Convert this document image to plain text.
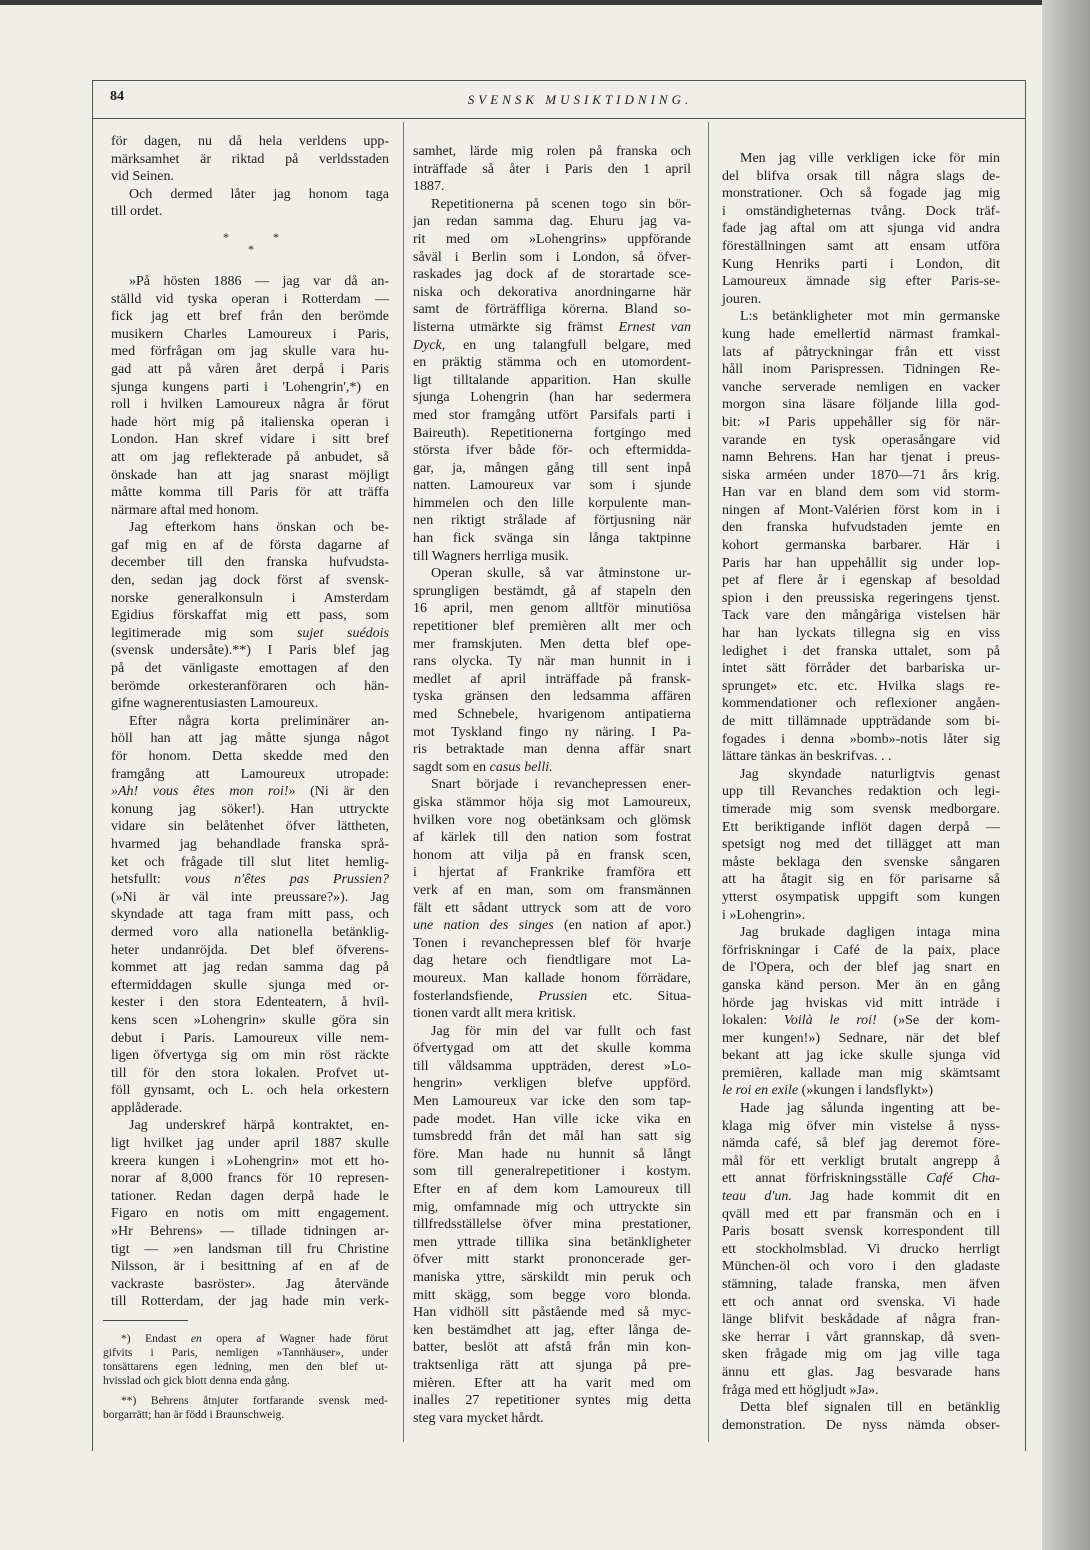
84	SVENSK MUSIKTIDNING.
för dagen, nu då hela verldens upp-
märksamhet är riktad på verldsstaden
vid Seinen.
Och dermed låter jag honom taga
till ordet.
*	*
*
»På hösten 1886 — jag var då an-
ställd vid tyska operan i Rotterdam —
fick jag ett bref från den berömde
musikern Charles Lamoureux i Paris,
med förfrågan om jag skulle vara hu-
gad att på våren året derpå i Paris
sjunga kungens parti i 'Lohengrin',*) en
roll i hvilken Lamoureux några år förut
hade hört mig på italienska operan i
London. Han skref vidare i sitt bref
att om jag reflekterade på anbudet, så
önskade han att jag snarast möjligt
måtte komma till Paris för att träffa
närmare aftal med honom.
Jag efterkom hans önskan och be-
gaf mig en af de första dagarne af
december till den franska hufvudsta-
den, sedan jag dock först af svensk-
norske generalkonsuln i Amsterdam
Egidius förskaffat mig ett pass, som
legitimerade mig som sujet suédois
(svensk undersåte).**) I Paris blef jag
på det vänligaste emottagen af den
berömde orkesteranföraren och hän-
gifne wagnerentusiasten Lamoureux.
Efter några korta preliminärer an-
höll han att jag måtte sjunga något
för honom. Detta skedde med den
framgång att Lamoureux utropade:
»Ah! vous êtes mon roi!» (Ni är den
konung jag söker!). Han uttryckte
vidare sin belåtenhet öfver lättheten,
hvarmed jag behandlade franska språ-
ket och frågade till slut litet hemlig-
hetsfullt: vous n'êtes pas Prussien?
(»Ni är väl inte preussare?»). Jag
skyndade att taga fram mitt pass, och
dermed voro alla nationella betänklig-
heter undanröjda. Det blef öfverens-
kommet att jag redan samma dag på
eftermiddagen skulle sjunga med or-
kester i den stora Edenteatern, å hvil-
kens scen »Lohengrin» skulle göra sin
debut i Paris. Lamoureux ville nem-
ligen öfvertyga sig om min röst räckte
till för den stora lokalen. Profvet ut-
föll gynsamt, och L. och hela orkestern
applåderade.
Jag underskref härpå kontraktet, en-
ligt hvilket jag under april 1887 skulle
kreera kungen i »Lohengrin» mot ett ho-
norar af 8,000 francs för 10 represen-
tationer. Redan dagen derpå hade le
Figaro en notis om mitt engagement.
»Hr Behrens» — tillade tidningen ar-
tigt — »en landsman till fru Christine
Nilsson, är i besittning af en af de
vackraste basröster». Jag återvände
till Rotterdam, der jag hade min verk-
samhet, lärde mig rolen på franska och
inträffade så åter i Paris den 1 april
1887.
Repetitionerna på scenen togo sin bör-
jan redan samma dag. Ehuru jag va-
rit med om »Lohengrins» uppförande
såväl i Berlin som i London, så öfver-
raskades jag dock af de storartade sce-
niska och dekorativa anordningarne här
samt de förträffliga körerna. Bland so-
listerna utmärkte sig främst Ernest van
Dyck, en ung talangfull belgare, med
en präktig stämma och en utomordent-
ligt tilltalande apparition. Han skulle
sjunga Lohengrin (han har sedermera
med stor framgång utfört Parsifals parti i
Baireuth). Repetitionerna fortgingo med
största ifver både för- och eftermidda-
gar, ja, mången gång till sent inpå
natten. Lamoureux var som i sjunde
himmelen och den lille korpulente man-
nen riktigt strålade af förtjusning när
han fick svänga sin långa taktpinne
till Wagners herrliga musik.
Operan skulle, så var åtminstone ur-
sprungligen bestämdt, gå af stapeln den
16 april, men genom alltför minutiösa
repetitioner blef premièren allt mer och
mer framskjuten. Men detta blef ope-
rans olycka. Ty när man hunnit in i
medlet af april inträffade på fransk-
tyska gränsen den ledsamma affären
med Schnebele, hvarigenom antipatierna
mot Tyskland fingo ny näring. I Pa-
ris betraktade man denna affär snart
sagdt som en casus belli.
Snart började i revanchepressen ener-
giska stämmor höja sig mot Lamoureux,
hvilken vore nog obetänksam och glömsk
af kärlek till den nation som fostrat
honom att vilja på en fransk scen,
i hjertat af Frankrike framföra ett
verk af en man, som om fransmännen
fält ett sådant uttryck som att de voro
une nation des singes (en nation af apor.)
Tonen i revanchepressen blef för hvarje
dag hetare och fiendtligare mot La-
moureux. Man kallade honom förrädare,
fosterlandsfiende, Prussien etc. Situa-
tionen vardt allt mera kritisk.
Jag för min del var fullt och fast
öfvertygad om att det skulle komma
till våldsamma uppträden, derest »Lo-
hengrin» verkligen blefve uppförd.
Men Lamoureux var icke den som tap-
pade modet. Han ville icke vika en
tumsbredd från det mål han satt sig
före. Man hade nu hunnit så långt
som till generalrepetitioner i kostym.
Efter en af dem kom Lamoureux till
mig, omfamnade mig och uttryckte sin
tillfredsställelse öfver mina prestationer,
men yttrade tillika sina betänkligheter
öfver mitt starkt prononcerade ger-
maniska yttre, särskildt min peruk och
mitt skägg, som begge voro blonda.
Han vidhöll sitt påstående med så myc-
ken bestämdhet att jag, efter långa de-
batter, beslöt att afstå från min kon-
traktsenliga rätt att sjunga på pre-
mièren. Efter att ha varit med om
inalles 27 repetitioner syntes mig detta
steg vara mycket hårdt.
Men jag ville verkligen icke för min
del blifva orsak till några slags de-
monstrationer. Och så fogade jag mig
i omständigheternas tvång. Dock träf-
fade jag aftal om att sjunga vid andra
föreställningen samt att ensam utföra
Kung Henriks parti i London, dit
Lamoureux ämnade sig efter Paris-se-
jouren.
L:s betänkligheter mot min germanske
kung hade emellertid närmast framkal-
lats af påtryckningar från ett visst
håll inom Parispressen. Tidningen Re-
vanche serverade nemligen en vacker
morgon sina läsare följande lilla god-
bit: »I Paris uppehåller sig för när-
varande en tysk operasångare vid
namn Behrens. Han har tjenat i preus-
siska arméen under 1870—71 års krig.
Han var en bland dem som vid storm-
ningen af Mont-Valérien först kom in i
den franska hufvudstaden jemte en
kohort germanska barbarer. Här i
Paris har han uppehållit sig under lop-
pet af flere år i egenskap af besoldad
spion i den preussiska regeringens tjenst.
Tack vare den mångåriga vistelsen här
har han lyckats tillegna sig en viss
ledighet i det franska uttalet, som på
intet sätt förråder det barbariska ur-
sprunget» etc. etc. Hvilka slags re-
kommendationer och reflexioner angåen-
de mitt tillämnade uppträdande som bi-
fogades i denna »bomb»-notis låter sig
lättare tänkas än beskrifvas. . .
Jag skyndade naturligtvis genast
upp till Revanches redaktion och legi-
timerade mig som svensk medborgare.
Ett beriktigande inflöt dagen derpå —
spetsigt nog med det tillägget att man
måste beklaga den svenske sångaren
att ha åtagit sig en för parisarne så
ytterst osympatisk uppgift som kungen
i »Lohengrin».
Jag brukade dagligen intaga mina
förfriskningar i Café de la paix, place
de l'Opera, och der blef jag snart en
ganska känd person. Mer än en gång
hörde jag hviskas vid mitt inträde i
lokalen: Voilà le roi! (»Se der kom-
mer kungen!») Sednare, när det blef
bekant att jag icke skulle sjunga vid
premièren, kallade man mig skämtsamt
le roi en exile (»kungen i landsflykt»)
Hade jag sålunda ingenting att be-
klaga mig öfver min vistelse å nyss-
nämda café, så blef jag deremot före-
mål för ett verkligt brutalt angrepp å
ett annat förfriskningsställe Café Cha-
teau d'un. Jag hade kommit dit en
qväll med ett par fransmän och en i
Paris bosatt svensk korrespondent till
ett stockholmsblad. Vi drucko herrligt
München-öl och voro i den gladaste
stämning, talade franska, men äfven
ett och annat ord svenska. Vi hade
länge blifvit beskådade af några fran-
ske herrar i vårt grannskap, då sven-
sken frågade mig om jag ville taga
ännu ett glas. Jag besvarade hans
fråga med ett högljudt »Ja».
Detta blef signalen till en betänklig
demonstration. De nyss nämda obser-
*) Endast en opera af Wagner hade förut
gifvits i Paris, nemligen »Tannhäuser», under
tonsättarens egen ledning, men den blef ut-
hvisslad och gick blott denna enda gång.
**) Behrens åtnjuter fortfarande svensk med-
borgarrätt; han är född i Braunschweig.
